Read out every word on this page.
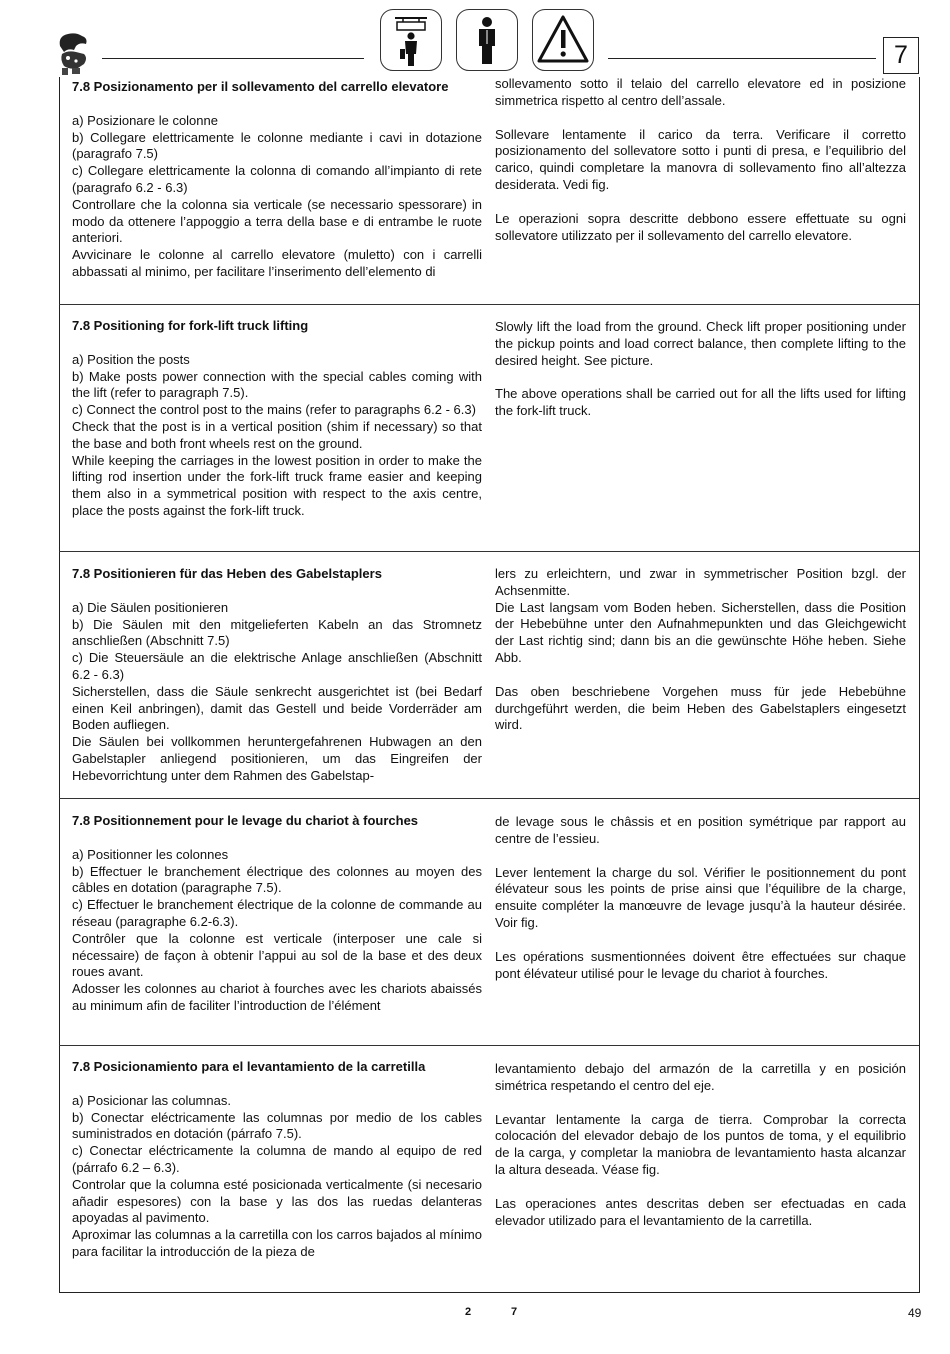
7
7.8 Posizionamento per il sollevamento del carrello elevatore

a) Posizionare le colonne

b) Collegare elettricamente le colonne mediante i cavi in dotazione (paragrafo 7.5)

c) Collegare elettricamente la colonna di comando all’impianto di rete (paragrafo 6.2 - 6.3)

Controllare che la colonna sia verticale (se necessario spessorare) in modo da ottenere l’appoggio a terra della base e di entrambe le ruote anteriori.

Avvicinare le colonne al carrello elevatore (muletto) con i carrelli abbassati al minimo, per facilitare l’inserimento dell’elemento di

sollevamento sotto il telaio del carrello elevatore ed in posizione simmetrica rispetto al centro dell’assale.

Sollevare lentamente il carico da terra. Verificare il corretto posizionamento del sollevatore sotto i punti di presa, e l’equilibrio del carico, quindi completare la manovra di sollevamento fino all’altezza desiderata. Vedi fig.

Le operazioni sopra descritte debbono essere effettuate su ogni sollevatore utilizzato per il sollevamento del carrello elevatore.

7.8 Positioning for fork-lift truck lifting

a) Position the posts

b) Make posts power connection with the special cables coming with the lift (refer to paragraph 7.5).

c) Connect the control post to the mains (refer to paragraphs 6.2 - 6.3)

Check that the post is in a vertical position (shim if necessary) so that the base and both front wheels rest on the ground.

While keeping the carriages in the lowest position in order to make the lifting rod insertion under the fork-lift truck frame easier and keeping them also in a symmetrical position with respect to the axis centre, place the posts against the fork-lift truck.

Slowly lift the load from the ground. Check lift proper positioning under the pickup points and load correct balance, then complete lifting to the desired height. See picture.

The above operations shall be carried out for all the lifts used for lifting the fork-lift truck.

7.8 Positionieren für das Heben des Gabelstaplers

a) Die Säulen positionieren

b) Die Säulen mit den mitgelieferten Kabeln an das Stromnetz anschließen (Abschnitt 7.5)

c) Die Steuersäule an die elektrische Anlage anschließen (Abschnitt 6.2 - 6.3)

Sicherstellen, dass die Säule senkrecht ausgerichtet ist (bei Bedarf einen Keil anbringen), damit das Gestell und beide Vorderräder am Boden aufliegen.

Die Säulen bei vollkommen heruntergefahrenen Hubwagen an den Gabelstapler anliegend positionieren, um das Eingreifen der Hebevorrichtung unter dem Rahmen des Gabelstap-

lers zu erleichtern, und zwar in symmetrischer Position bzgl. der Achsenmitte.

Die Last langsam vom Boden heben. Sicherstellen, dass die Position der Hebebühne unter den Aufnahmepunkten und das Gleichgewicht der Last richtig sind; dann bis an die gewünschte Höhe heben. Siehe Abb.

Das oben beschriebene Vorgehen muss für jede Hebebühne durchgeführt werden, die beim Heben des Gabelstaplers eingesetzt wird.

7.8 Positionnement pour le levage du chariot à fourches

a) Positionner les colonnes

b) Effectuer le branchement électrique des colonnes au moyen des câbles en dotation (paragraphe 7.5).

c) Effectuer le branchement électrique de la colonne de commande au réseau (paragraphe 6.2-6.3).

Contrôler que la colonne est verticale (interposer une cale si nécessaire) de façon à obtenir l’appui au sol de la base et des deux roues avant.

Adosser les colonnes au chariot à fourches avec les chariots abaissés au minimum afin de faciliter l’introduction de l’élément

de levage sous le châssis et en position symétrique par rapport au centre de l’essieu.

Lever lentement la charge du sol. Vérifier le positionnement du pont élévateur sous les points de prise ainsi que l’équilibre de la charge, ensuite compléter la manœuvre de levage jusqu’à la hauteur désirée. Voir fig.

Les opérations susmentionnées doivent être effectuées sur chaque pont élévateur utilisé pour le levage du chariot à fourches.

7.8 Posicionamiento para el levantamiento de la carretilla

a) Posicionar las columnas.

b) Conectar eléctricamente las columnas por medio de los cables suministrados en dotación (párrafo 7.5).

c) Conectar eléctricamente la columna de mando al equipo de red (párrafo 6.2 – 6.3).

Controlar que la columna esté posicionada verticalmente (si necesario añadir espesores) con la base y las dos las ruedas delanteras apoyadas al pavimento.

Aproximar las columnas a la carretilla con los carros bajados al mínimo para facilitar la introducción de la pieza de

levantamiento debajo del armazón de la carretilla y en posición simétrica respetando el centro del eje.

Levantar lentamente la carga de tierra. Comprobar la correcta colocación del elevador debajo de los puntos de toma, y el equilibrio de la carga, y completar la maniobra de levantamiento hasta alcanzar la altura deseada. Véase fig.

Las operaciones antes descritas deben ser efectuadas en cada elevador utilizado para el levantamiento de la carretilla.

2	7	49
